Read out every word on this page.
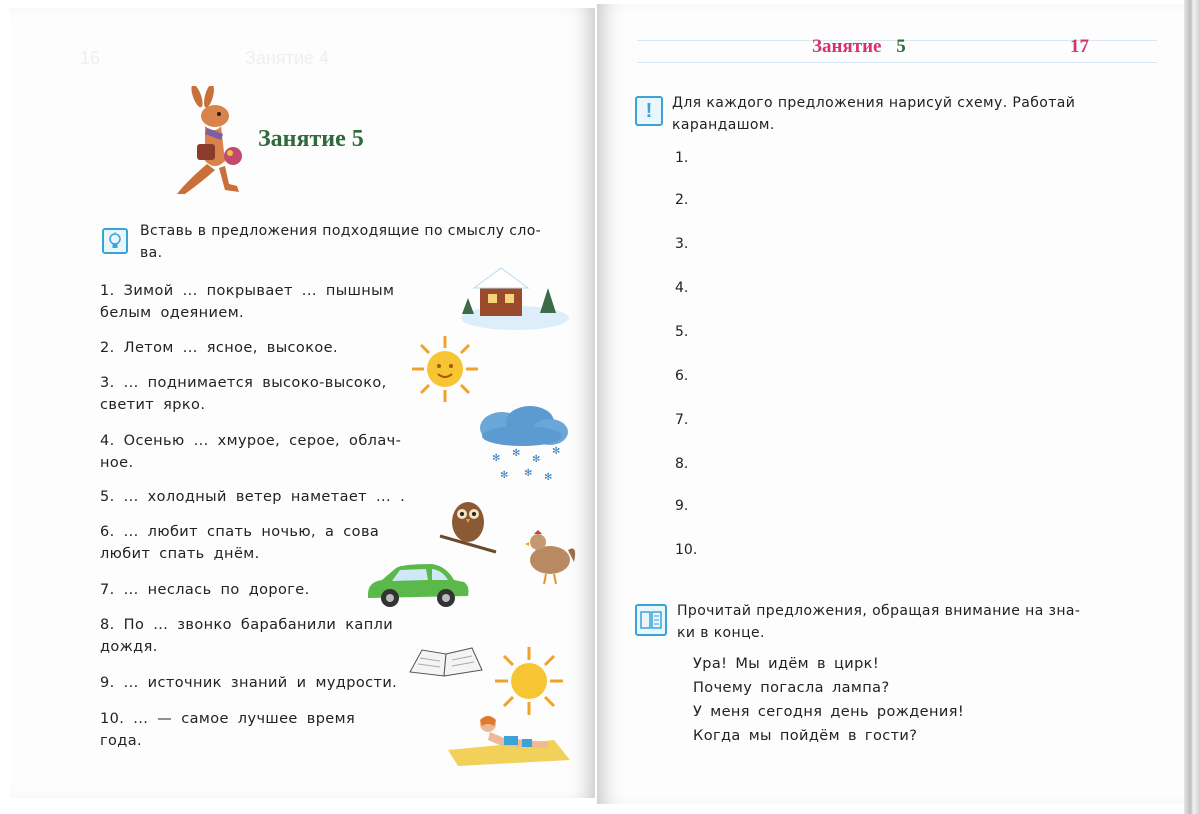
16                             Занятие 4
Занятие 5
Вставь в предложения подходящие по смыслу сло-
ва.
1. Зимой ... покрывает ... пышным
белым одеянием.
2. Летом ... ясное, высокое.
3. ... поднимается высоко-высоко,
светит ярко.
4. Осенью ... хмурое, серое, облач-
ное.
5. ... холодный ветер наметает ... .
6. ... любит спать ночью, а сова
любит спать днём.
7. ... неслась по дороге.
8. По ... звонко барабанили капли
дождя.
9. ... источник знаний и мудрости.
10. ... — самое лучшее время
года.
✻ ✻
✻
✻
✻ ✻ ✻
Занятие 5	17
! Для каждого предложения нарисуй схему. Работай
карандашом.
1.
2.
3.
4.
5.
6.
7.
8.
9.
10.
Прочитай предложения, обращая внимание на зна-
ки в конце.
Ура! Мы идём в цирк!
Почему погасла лампа?
У меня сегодня день рождения!
Когда мы пойдём в гости?
